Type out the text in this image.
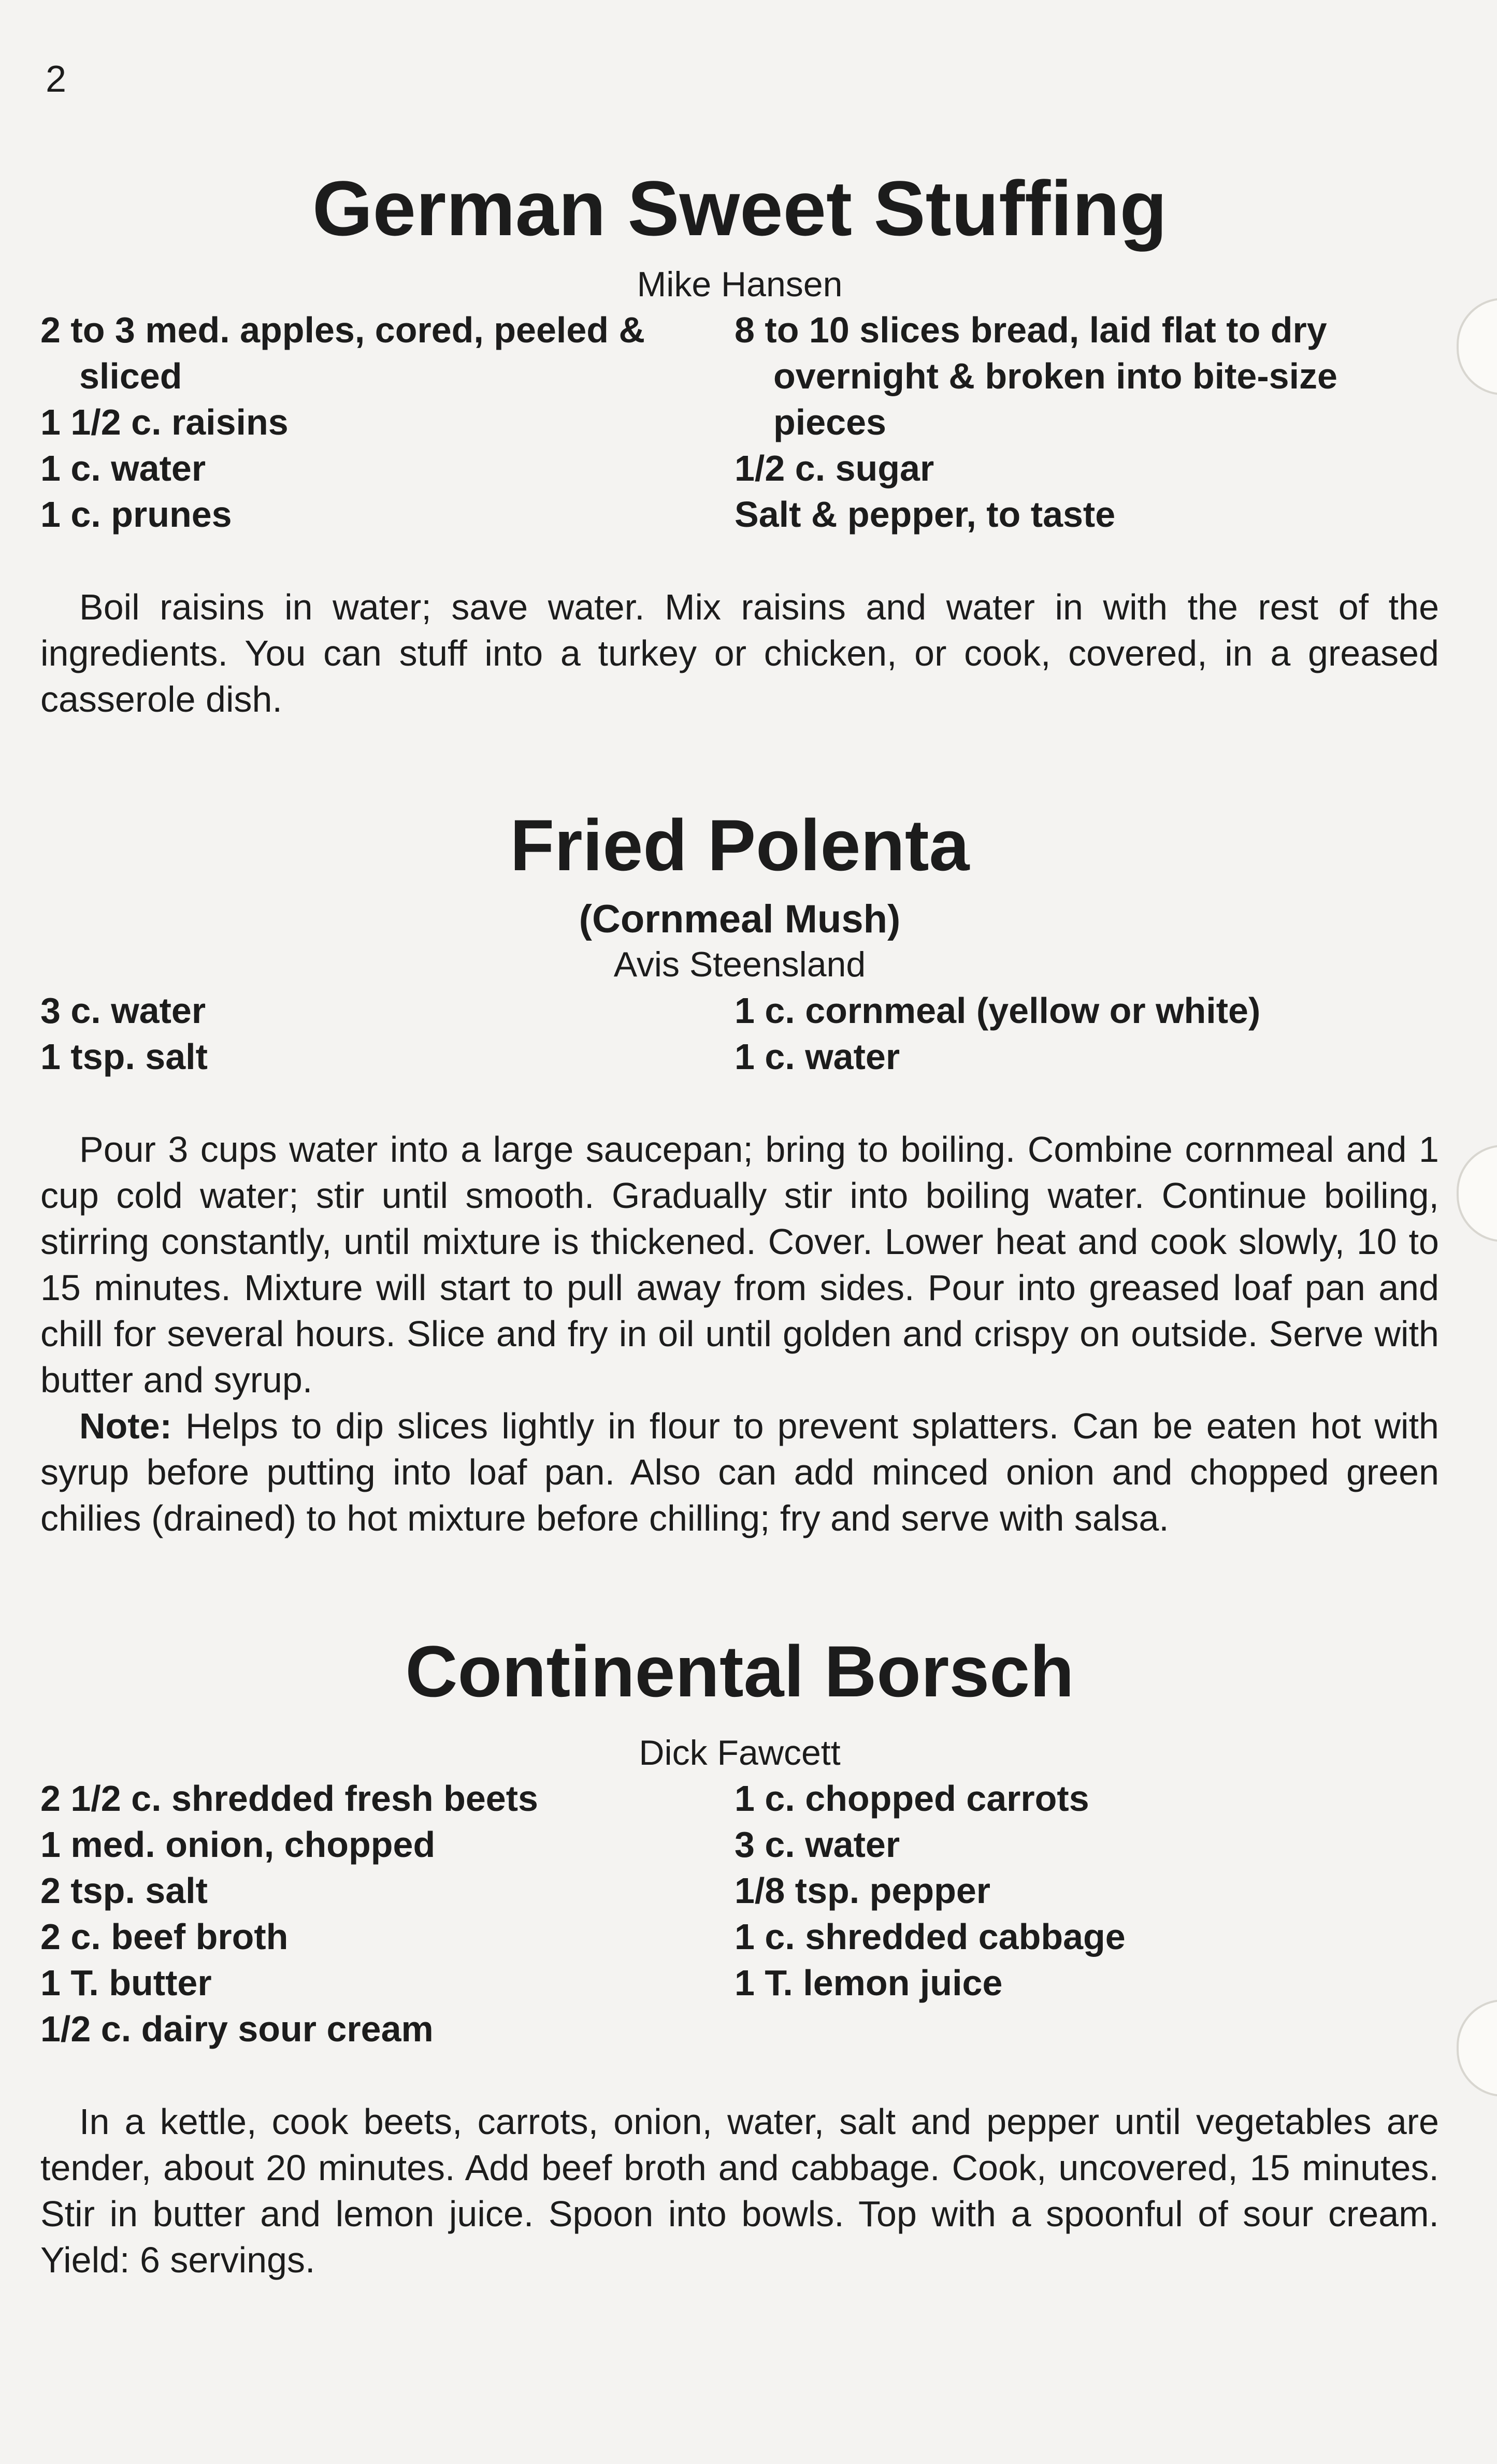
2
German Sweet Stuffing

Mike Hansen

2 to 3 med. apples, cored, peeled & sliced
1 1/2 c. raisins
1 c. water
1 c. prunes
8 to 10 slices bread, laid flat to dry overnight & broken into bite-size pieces
1/2 c. sugar
Salt & pepper, to taste

Boil raisins in water; save water. Mix raisins and water in with the rest of the ingredients. You can stuff into a turkey or chicken, or cook, covered, in a greased casserole dish.

Fried Polenta

(Cornmeal Mush)

Avis Steensland

3 c. water
1 tsp. salt
1 c. cornmeal (yellow or white)
1 c. water

Pour 3 cups water into a large saucepan; bring to boiling. Combine cornmeal and 1 cup cold water; stir until smooth. Gradually stir into boiling water. Continue boiling, stirring constantly, until mixture is thickened. Cover. Lower heat and cook slowly, 10 to 15 minutes. Mixture will start to pull away from sides. Pour into greased loaf pan and chill for several hours. Slice and fry in oil until golden and crispy on outside. Serve with butter and syrup.

Note: Helps to dip slices lightly in flour to prevent splatters. Can be eaten hot with syrup before putting into loaf pan. Also can add minced onion and chopped green chilies (drained) to hot mixture before chilling; fry and serve with salsa.

Continental Borsch

Dick Fawcett

2 1/2 c. shredded fresh beets
1 med. onion, chopped
2 tsp. salt
2 c. beef broth
1 T. butter
1/2 c. dairy sour cream
1 c. chopped carrots
3 c. water
1/8 tsp. pepper
1 c. shredded cabbage
1 T. lemon juice

In a kettle, cook beets, carrots, onion, water, salt and pepper until vegetables are tender, about 20 minutes. Add beef broth and cabbage. Cook, uncovered, 15 minutes. Stir in butter and lemon juice. Spoon into bowls. Top with a spoonful of sour cream. Yield: 6 servings.
